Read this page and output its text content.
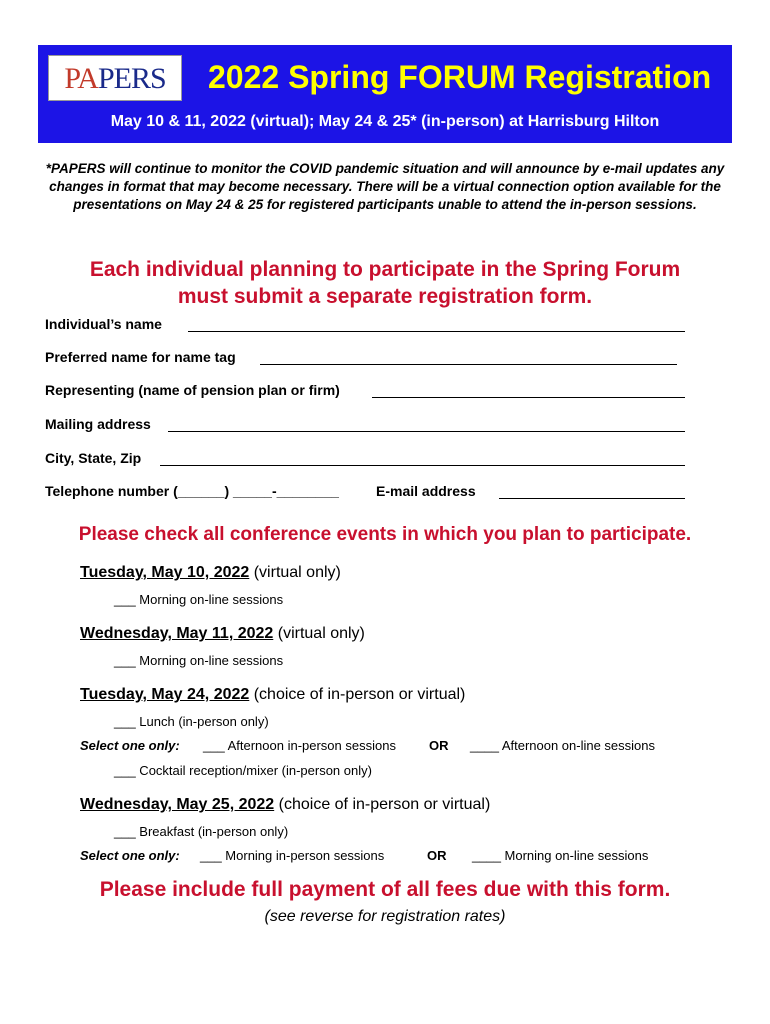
PAPERS	2022 Spring FORUM Registration
May 10 & 11, 2022 (virtual); May 24 & 25* (in-person) at Harrisburg Hilton
*PAPERS will continue to monitor the COVID pandemic situation and will announce by e-mail updates any changes in format that may become necessary. There will be a virtual connection option available for the presentations on May 24 & 25 for registered participants unable to attend the in-person sessions.
Each individual planning to participate in the Spring Forum
must submit a separate registration form.
Individual’s name
Preferred name for name tag
Representing (name of pension plan or firm)
Mailing address
City, State, Zip
Telephone number (______) _____-________	E-mail address
Please check all conference events in which you plan to participate.
Tuesday, May 10, 2022 (virtual only)
___ Morning on-line sessions
Wednesday, May 11, 2022 (virtual only)
___ Morning on-line sessions
Tuesday, May 24, 2022 (choice of in-person or virtual)
___ Lunch (in-person only)
Select one only: ___ Afternoon in-person sessions	OR ____ Afternoon on-line sessions
___ Cocktail reception/mixer (in-person only)
Wednesday, May 25, 2022 (choice of in-person or virtual)
___ Breakfast (in-person only)
Select one only: ___ Morning in-person sessions	OR ____ Morning on-line sessions
Please include full payment of all fees due with this form.
(see reverse for registration rates)
